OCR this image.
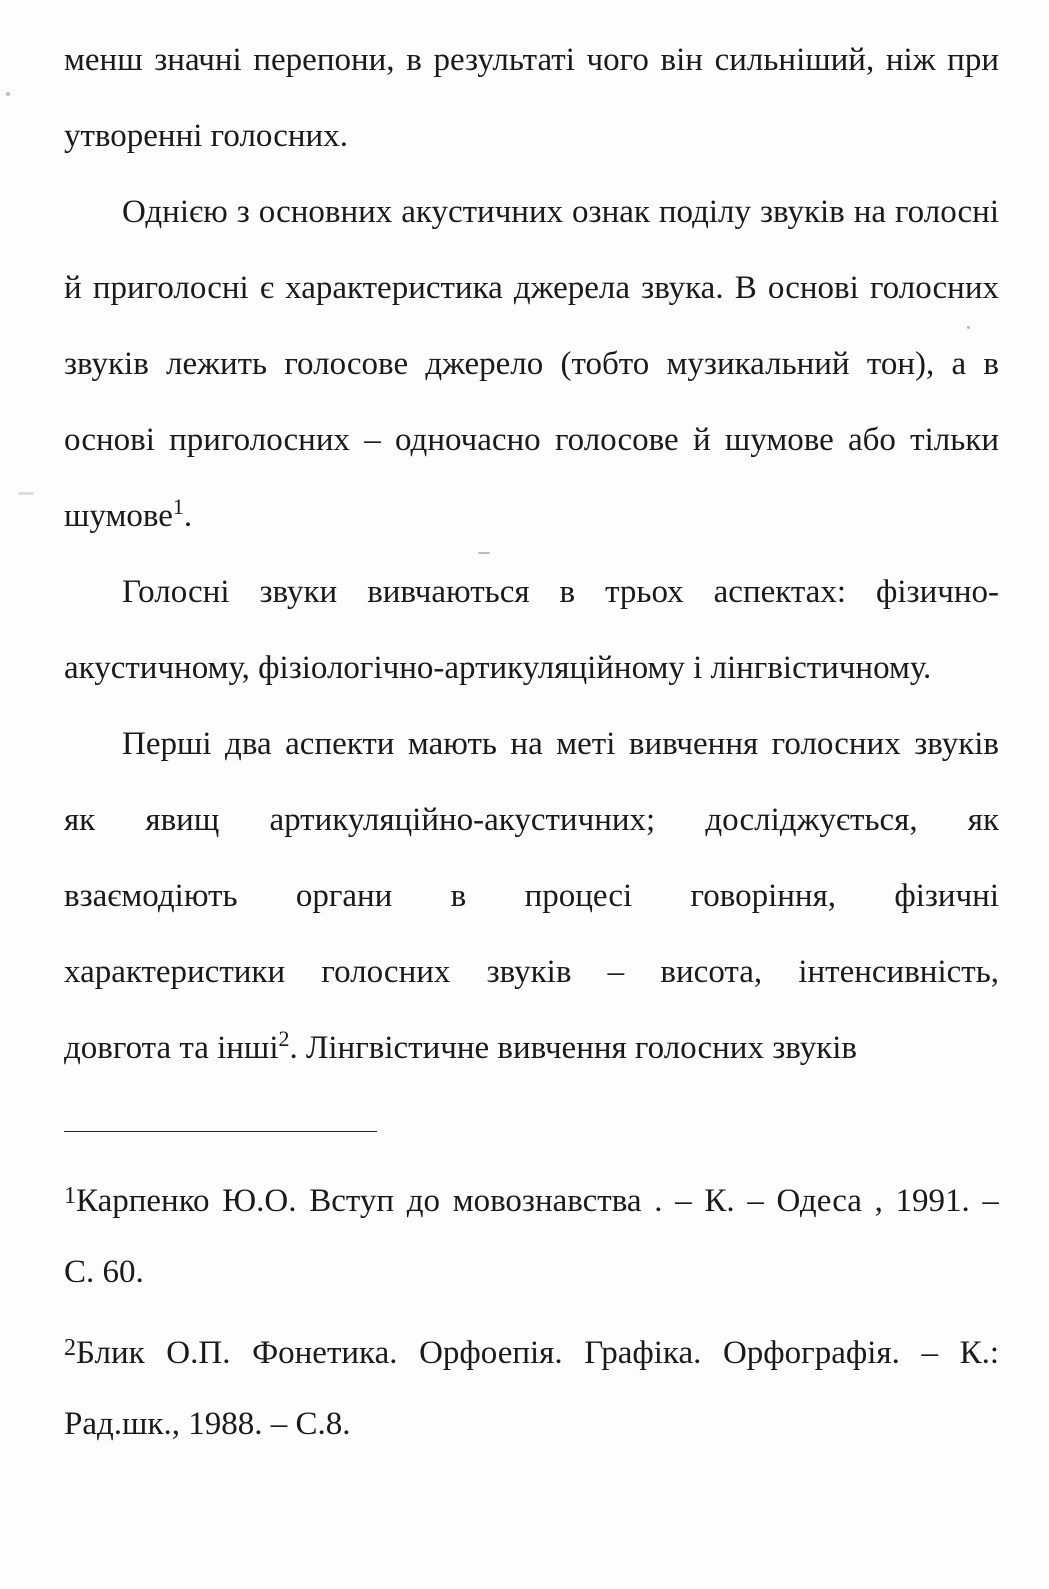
менш значні перепони, в результаті чого він сильніший, ніж при
утворенні голосних.
Однією з основних акустичних ознак поділу звуків на голосні
й приголосні є характеристика джерела звука. В основі голосних
звуків лежить голосове джерело (тобто музикальний тон), а в
основі приголосних – одночасно голосове й шумове або тільки
шумове$^1$.
Голосні звуки вивчаються в трьох аспектах: фізично-
акустичному, фізіологічно-артикуляційному і лінгвістичному.
Перші два аспекти мають на меті вивчення голосних звуків
як явищ артикуляційно-акустичних; досліджується, як
взаємодіють органи в процесі говоріння, фізичні
характеристики голосних звуків – висота, інтенсивність,
довгота та інші$^2$. Лінгвістичне вивчення голосних звуків
$^1$Карпенко Ю.О. Вступ до мовознавства . – К. – Одеса , 1991. –
С. 60.
$^2$Блик О.П. Фонетика. Орфоепія. Графіка. Орфографія. – К.:
Рад.шк., 1988. – С.8.
